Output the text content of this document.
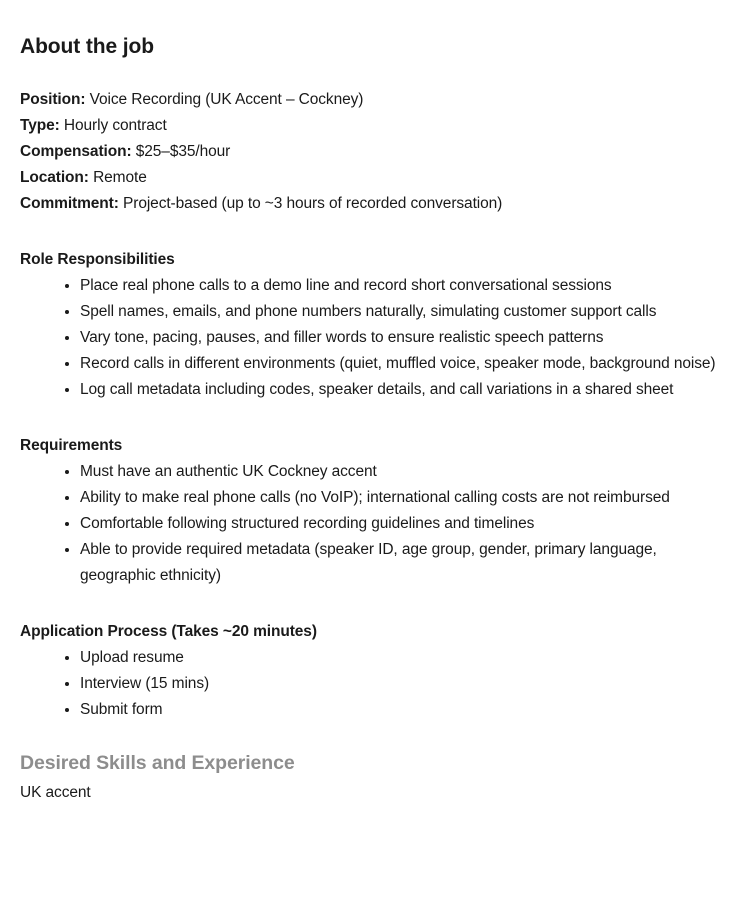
About the job
Position: Voice Recording (UK Accent – Cockney)
Type: Hourly contract
Compensation: $25–$35/hour
Location: Remote
Commitment: Project-based (up to ~3 hours of recorded conversation)
Role Responsibilities
• Place real phone calls to a demo line and record short conversational sessions
• Spell names, emails, and phone numbers naturally, simulating customer support calls
• Vary tone, pacing, pauses, and filler words to ensure realistic speech patterns
• Record calls in different environments (quiet, muffled voice, speaker mode, background noise)
• Log call metadata including codes, speaker details, and call variations in a shared sheet
Requirements
• Must have an authentic UK Cockney accent
• Ability to make real phone calls (no VoIP); international calling costs are not reimbursed
• Comfortable following structured recording guidelines and timelines
• Able to provide required metadata (speaker ID, age group, gender, primary language, geographic ethnicity)
Application Process (Takes ~20 minutes)
• Upload resume
• Interview (15 mins)
• Submit form
Desired Skills and Experience
UK accent
